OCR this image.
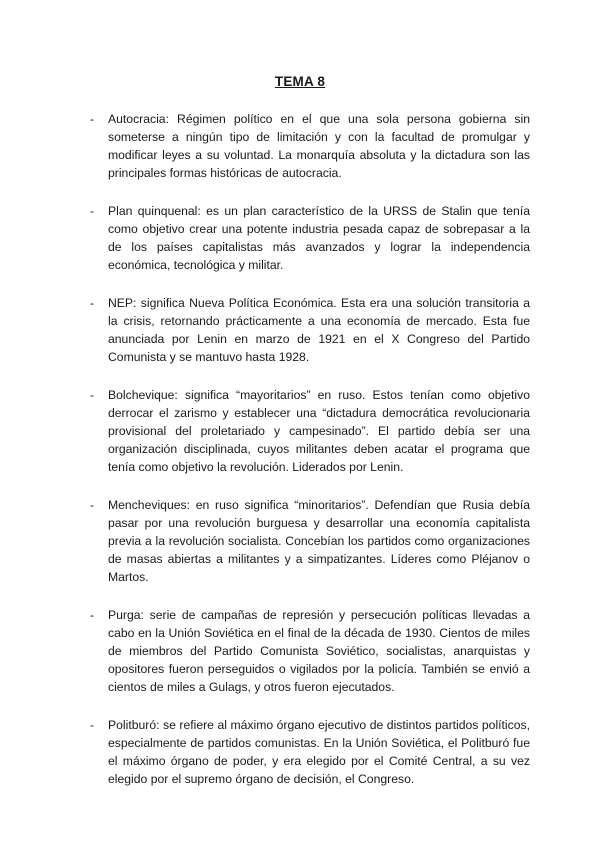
TEMA 8
- Autocracia: Régimen político en el que una sola persona gobierna sin someterse a ningún tipo de limitación y con la facultad de promulgar y modificar leyes a su voluntad. La monarquía absoluta y la dictadura son las principales formas históricas de autocracia.
- Plan quinquenal: es un plan característico de la URSS de Stalin que tenía como objetivo crear una potente industria pesada capaz de sobrepasar a la de los países capitalistas más avanzados y lograr la independencia económica, tecnológica y militar.
- NEP: significa Nueva Política Económica. Esta era una solución transitoria a la crisis, retornando prácticamente a una economía de mercado. Esta fue anunciada por Lenin en marzo de 1921 en el X Congreso del Partido Comunista y se mantuvo hasta 1928.
- Bolchevique: significa “mayoritarios” en ruso. Estos tenían como objetivo derrocar el zarismo y establecer una “dictadura democrática revolucionaria provisional del proletariado y campesinado”. El partido debía ser una organización disciplinada, cuyos militantes deben acatar el programa que tenía como objetivo la revolución. Liderados por Lenin.
- Mencheviques: en ruso significa “minoritarios”. Defendían que Rusia debía pasar por una revolución burguesa y desarrollar una economía capitalista previa a la revolución socialista. Concebían los partidos como organizaciones de masas abiertas a militantes y a simpatizantes. Líderes como Pléjanov o Martos.
- Purga: serie de campañas de represión y persecución políticas llevadas a cabo en la Unión Soviética en el final de la década de 1930. Cientos de miles de miembros del Partido Comunista Soviético, socialistas, anarquistas y opositores fueron perseguidos o vigilados por la policía. También se envió a cientos de miles a Gulags, y otros fueron ejecutados.
- Politburó: se refiere al máximo órgano ejecutivo de distintos partidos políticos, especialmente de partidos comunistas. En la Unión Soviética, el Politburó fue el máximo órgano de poder, y era elegido por el Comité Central, a su vez elegido por el supremo órgano de decisión, el Congreso.
